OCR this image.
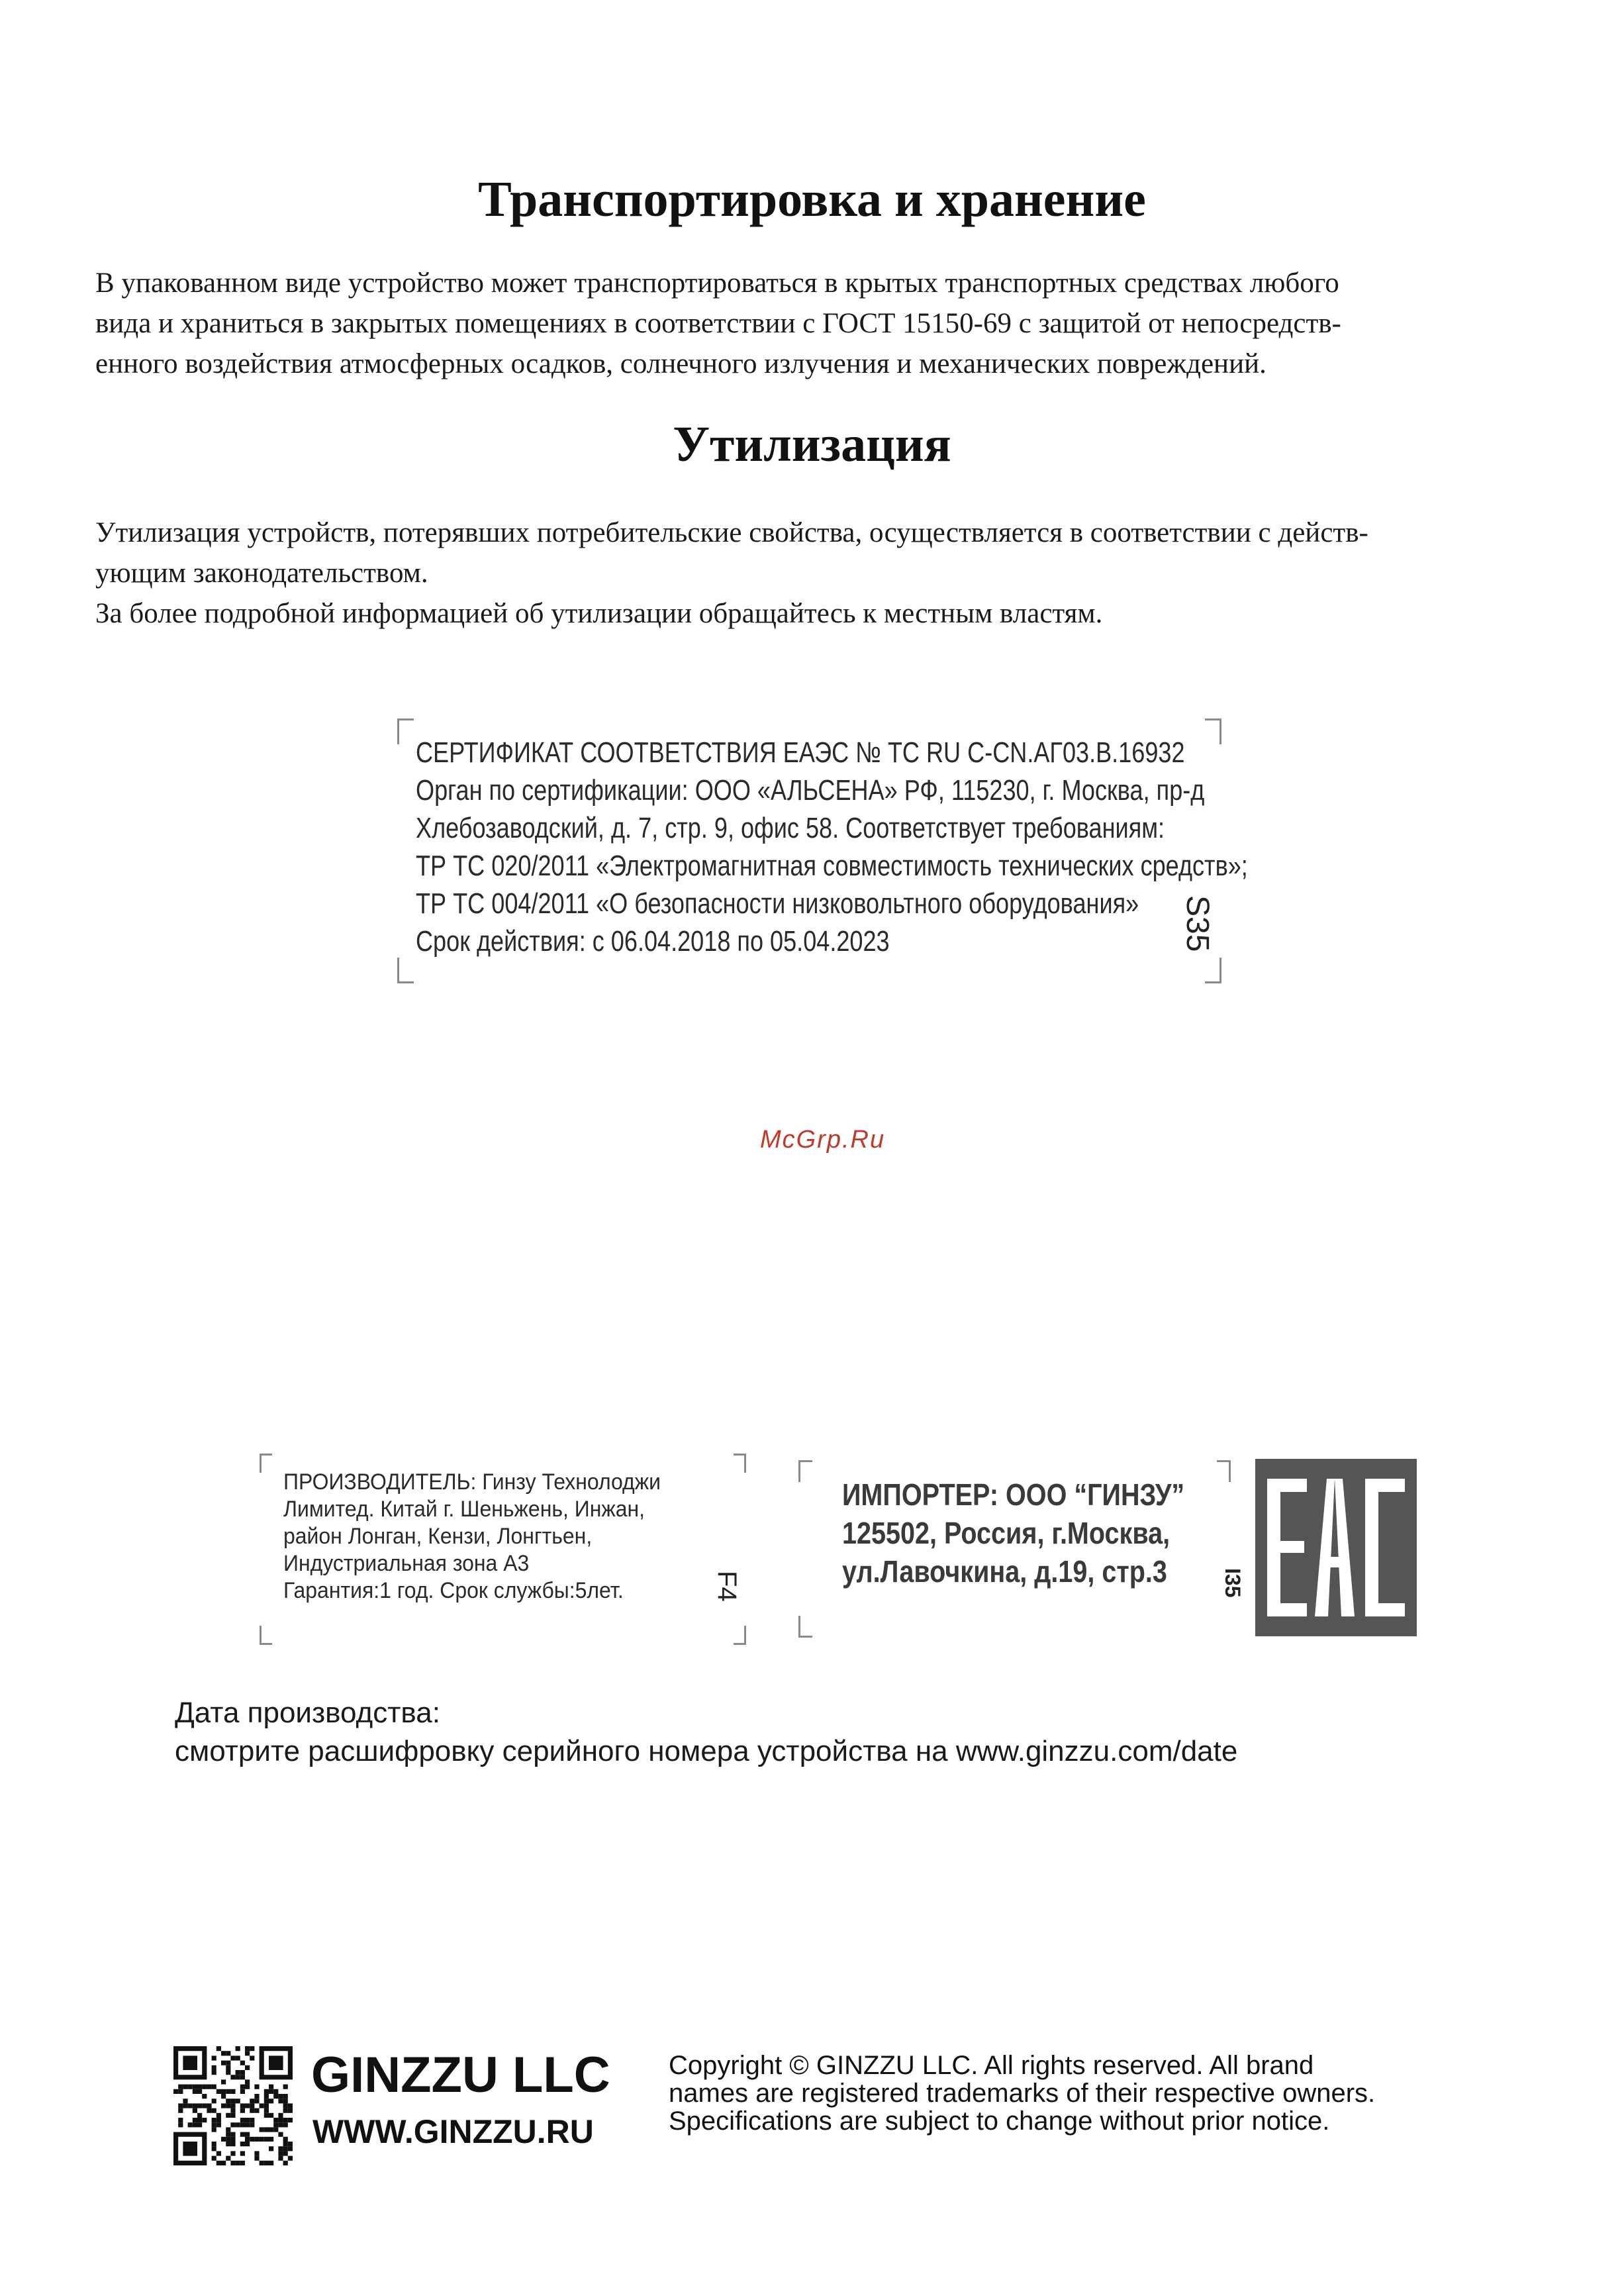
Транспортировка и хранение
В упакованном виде устройство может транспортироваться в крытых транспортных средствах любого
вида и храниться в закрытых помещениях в соответствии с ГОСТ 15150-69 с защитой от непосредств-
енного воздействия атмосферных осадков, солнечного излучения и механических повреждений.
Утилизация
Утилизация устройств, потерявших потребительские свойства, осуществляется в соответствии с действ-
ующим законодательством.
За более подробной информацией об утилизации обращайтесь к местным властям.
СЕРТИФИКАТ СООТВЕТСТВИЯ ЕАЭС № ТС RU C-CN.АГ03.В.16932
Орган по сертификации: ООО «АЛЬСЕНА» РФ, 115230, г. Москва, пр-д
Хлебозаводский, д. 7, стр. 9, офис 58. Соответствует требованиям:
ТР ТС 020/2011 «Электромагнитная совместимость технических средств»;
ТР ТС 004/2011 «О безопасности низковольтного оборудования»
Срок действия: с 06.04.2018 по 05.04.2023	S35
McGrp.Ru
ПРОИЗВОДИТЕЛЬ: Гинзу Технолоджи
Лимитед. Китай г. Шеньжень, Инжан,
район Лонган, Кензи, Лонгтьен,
Индустриальная зона А3
Гарантия:1 год. Срок службы:5лет.	F4
ИМПОРТЕР: ООО “ГИНЗУ”
125502, Россия, г.Москва,
ул.Лавочкина, д.19, стр.3	I35
Дата производства:
смотрите расшифровку серийного номера устройства на www.ginzzu.com/date
GINZZU LLC
WWW.GINZZU.RU
Copyright © GINZZU LLC. All rights reserved. All brand
names are registered trademarks of their respective owners.
Specifications are subject to change without prior notice.
